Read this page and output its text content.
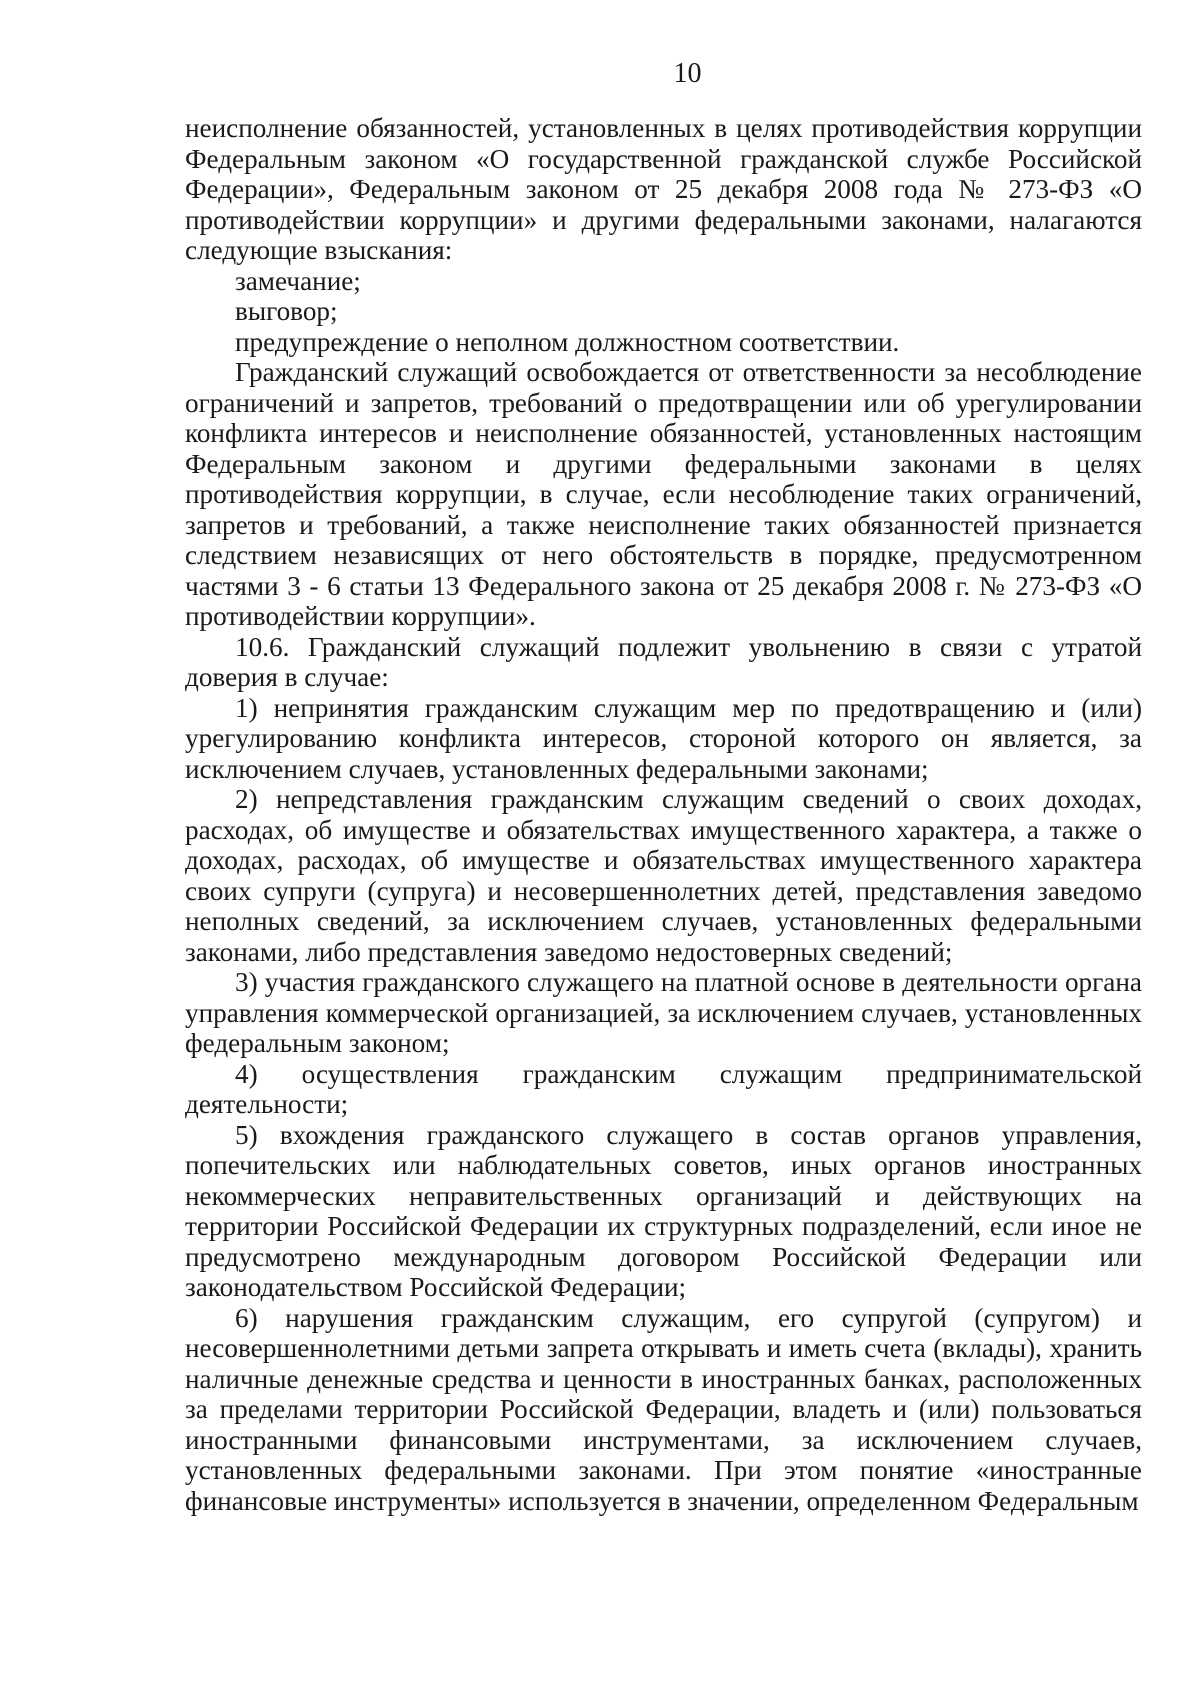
10

неисполнение обязанностей, установленных в целях противодействия коррупции Федеральным законом «О государственной гражданской службе Российской Федерации», Федеральным законом от 25 декабря 2008 года № 273-ФЗ «О противодействии коррупции» и другими федеральными законами, налагаются следующие взыскания:

замечание;

выговор;

предупреждение о неполном должностном соответствии.

Гражданский служащий освобождается от ответственности за несоблюдение ограничений и запретов, требований о предотвращении или об урегулировании конфликта интересов и неисполнение обязанностей, установленных настоящим Федеральным законом и другими федеральными законами в целях противодействия коррупции, в случае, если несоблюдение таких ограничений, запретов и требований, а также неисполнение таких обязанностей признается следствием независящих от него обстоятельств в порядке, предусмотренном частями 3 - 6 статьи 13 Федерального закона от 25 декабря 2008 г. № 273-ФЗ «О противодействии коррупции».

10.6. Гражданский служащий подлежит увольнению в связи с утратой доверия в случае:

1) непринятия гражданским служащим мер по предотвращению и (или) урегулированию конфликта интересов, стороной которого он является, за исключением случаев, установленных федеральными законами;

2) непредставления гражданским служащим сведений о своих доходах, расходах, об имуществе и обязательствах имущественного характера, а также о доходах, расходах, об имуществе и обязательствах имущественного характера своих супруги (супруга) и несовершеннолетних детей, представления заведомо неполных сведений, за исключением случаев, установленных федеральными законами, либо представления заведомо недостоверных сведений;

3) участия гражданского служащего на платной основе в деятельности органа управления коммерческой организацией, за исключением случаев, установленных федеральным законом;

4) осуществления гражданским служащим предпринимательской деятельности;

5) вхождения гражданского служащего в состав органов управления, попечительских или наблюдательных советов, иных органов иностранных некоммерческих неправительственных организаций и действующих на территории Российской Федерации их структурных подразделений, если иное не предусмотрено международным договором Российской Федерации или законодательством Российской Федерации;

6) нарушения гражданским служащим, его супругой (супругом) и несовершеннолетними детьми запрета открывать и иметь счета (вклады), хранить наличные денежные средства и ценности в иностранных банках, расположенных за пределами территории Российской Федерации, владеть и (или) пользоваться иностранными финансовыми инструментами, за исключением случаев, установленных федеральными законами. При этом понятие «иностранные финансовые инструменты» используется в значении, определенном Федеральным
